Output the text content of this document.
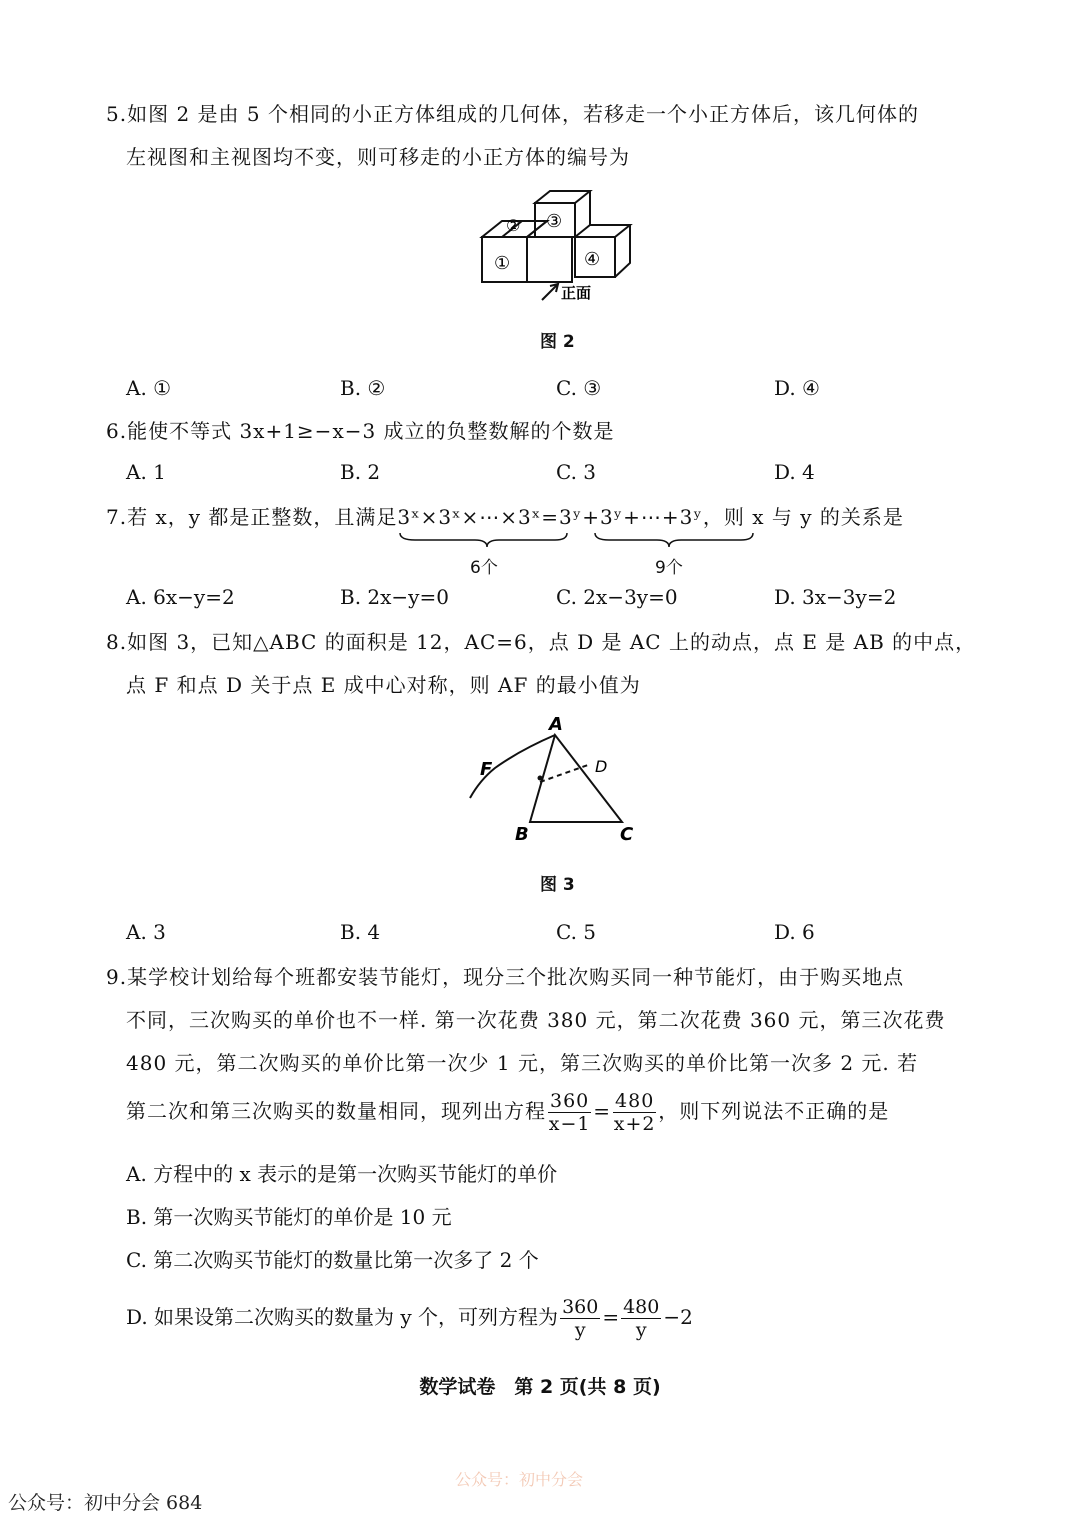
5.如图 2 是由 5 个相同的小正方体组成的几何体，若移走一个小正方体后，该几何体的
左视图和主视图均不变，则可移走的小正方体的编号为
①
② ③
④
正面
图 2
A. ①	B. ②	C. ③	D. ④
6.能使不等式 3x+1≥−x−3 成立的负整数解的个数是
A. 1	B. 2	C. 3	D. 4
7.若 x，y 都是正整数，且满足3ˣ×3ˣ×⋯×3ˣ=3ʸ+3ʸ+⋯+3ʸ，则 x 与 y 的关系是
6个	9个
A. 6x−y=2	B. 2x−y=0	C. 2x−3y=0	D. 3x−3y=2
8.如图 3，已知△ABC 的面积是 12，AC=6，点 D 是 AC 上的动点，点 E 是 AB 的中点，
点 F 和点 D 关于点 E 成中心对称，则 AF 的最小值为
A
B	C
F	D
图 3
A. 3	B. 4	C. 5	D. 6
9.某学校计划给每个班都安装节能灯，现分三个批次购买同一种节能灯，由于购买地点
不同，三次购买的单价也不一样. 第一次花费 380 元，第二次花费 360 元，第三次花费
480 元，第二次购买的单价比第一次少 1 元，第三次购买的单价比第一次多 2 元. 若
第二次和第三次购买的数量相同，现列出方程 $\frac{360}{x-1} = \frac{480}{x+2}$ ，则下列说法不正确的是
A. 方程中的 x 表示的是第一次购买节能灯的单价
B. 第一次购买节能灯的单价是 10 元
C. 第二次购买节能灯的数量比第一次多了 2 个
D. 如果设第二次购买的数量为 y 个，可列方程为 $\frac{360}{y} = \frac{480}{y} -2$
数学试卷　第 2 页(共 8 页)
公众号：初中分会
公众号：初中分会 684
